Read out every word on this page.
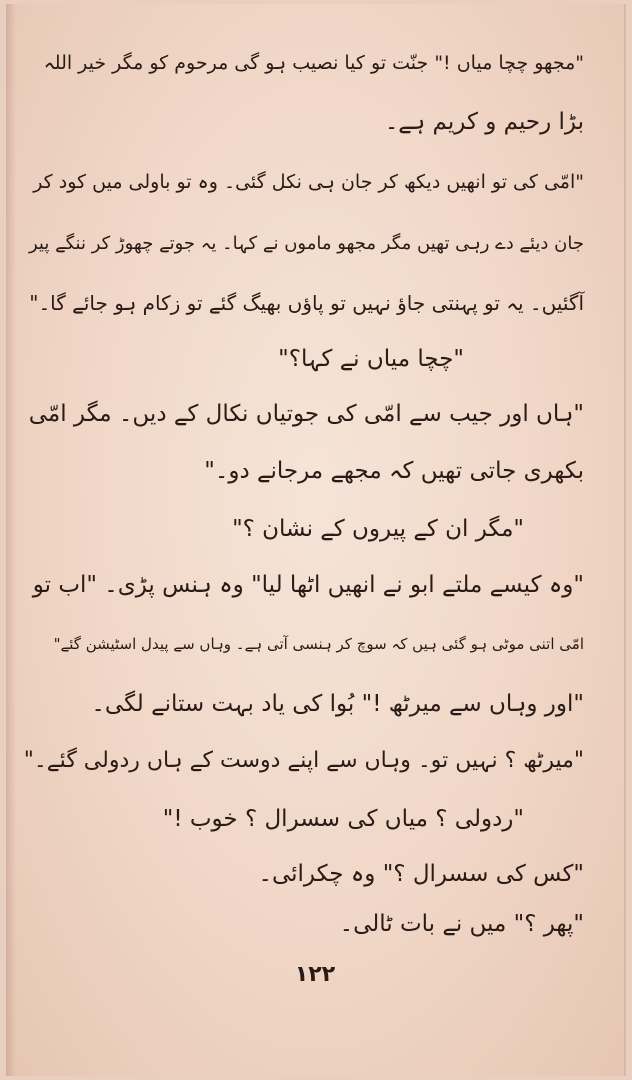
"مجھو چچا میاں !" جنّت تو کیا نصیب ہو گی مرحوم کو مگر خیر اللہ
بڑا رحیم و کریم ہے۔
"امّی کی تو انھیں دیکھ کر جان ہی نکل گئی۔ وہ تو باولی میں کود کر
جان دیئے دے رہی تھیں مگر مجھو ماموں نے کہا۔ یہ جوتے چھوڑ کر ننگے پیر
آگئیں۔ یہ تو پہنتی جاؤ نہیں تو پاؤں بھیگ گئے تو زکام ہو جائے گا۔"
"چچا میاں نے کہا؟"
"ہاں اور جیب سے امّی کی جوتیاں نکال کے دیں۔ مگر امّی
بکھری جاتی تھیں کہ مجھے مرجانے دو۔"
"مگر ان کے پیروں کے نشان ؟"
"وہ کیسے ملتے ابو نے انھیں اٹھا لیا" وہ ہنس پڑی۔ "اب تو
امّی اتنی موٹی ہو گئی ہیں کہ سوچ کر ہنسی آتی ہے۔ وہاں سے پیدل اسٹیشن گئے"
"اور وہاں سے میرٹھ !" بُوا کی یاد بہت ستانے لگی۔
"میرٹھ ؟ نہیں تو۔ وہاں سے اپنے دوست کے ہاں ردولی گئے۔"
"ردولی ؟ میاں کی سسرال ؟ خوب !"
"کس کی سسرال ؟" وہ چکرائی۔
"پھر ؟" میں نے بات ٹالی۔
۱۲۲
